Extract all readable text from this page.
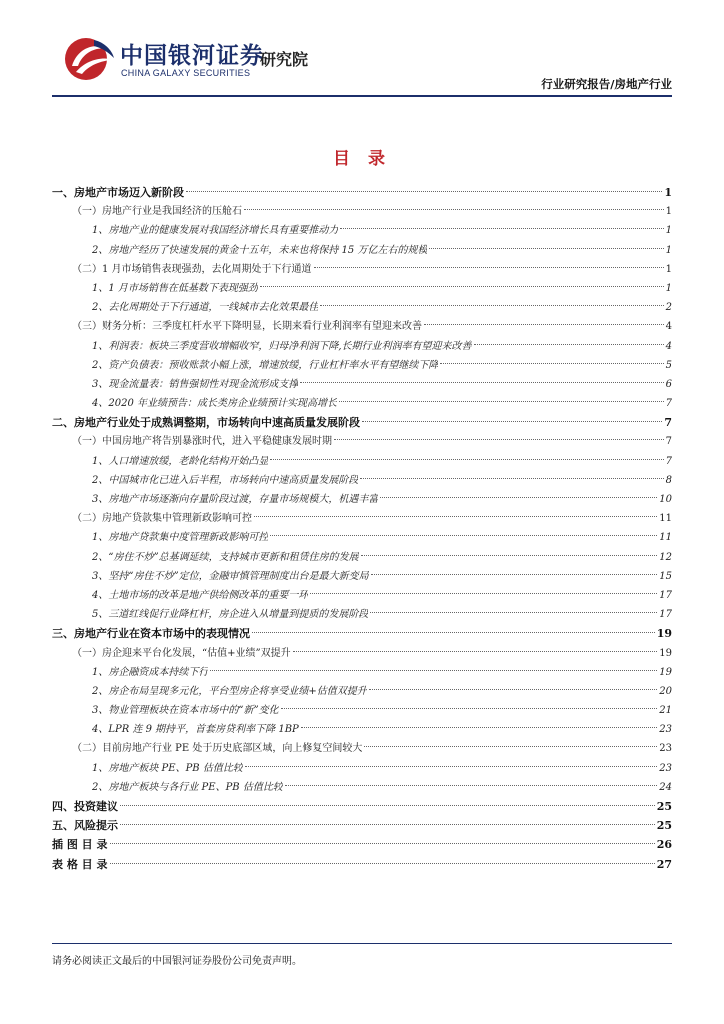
中国银河证券
CHINA GALAXY SECURITIES
研究院
行业研究报告/房地产行业
目 录
一、房地产市场迈入新阶段	1
（一）房地产行业是我国经济的压舱石	1
1、房地产业的健康发展对我国经济增长具有重要推动力	1
2、房地产经历了快速发展的黄金十五年，未来也将保持 15 万亿左右的规模	1
（二）1 月市场销售表现强劲，去化周期处于下行通道	1
1、1 月市场销售在低基数下表现强劲	1
2、去化周期处于下行通道，一线城市去化效果最佳	2
（三）财务分析：三季度杠杆水平下降明显，长期来看行业利润率有望迎来改善	4
1、利润表：板块三季度营收增幅收窄，归母净利润下降,长期行业利润率有望迎来改善	4
2、资产负债表：预收账款小幅上涨，增速放缓，行业杠杆率水平有望继续下降	5
3、现金流量表：销售强韧性对现金流形成支撑	6
4、2020 年业绩预告：成长类房企业绩预计实现高增长	7
二、房地产行业处于成熟调整期，市场转向中速高质量发展阶段	7
（一）中国房地产将告别暴涨时代，进入平稳健康发展时期	7
1、人口增速放缓，老龄化结构开始凸显	7
2、中国城市化已进入后半程，市场转向中速高质量发展阶段	8
3、房地产市场逐渐向存量阶段过渡，存量市场规模大，机遇丰富	10
（二）房地产贷款集中管理新政影响可控	11
1、房地产贷款集中度管理新政影响可控	11
2、“房住不炒”总基调延续，支持城市更新和租赁住房的发展	12
3、坚持“房住不炒”定位，金融审慎管理制度出台是最大新变局	15
4、土地市场的改革是地产供给侧改革的重要一环	17
5、三道红线促行业降杠杆，房企进入从增量到提质的发展阶段	17
三、房地产行业在资本市场中的表现情况	19
（一）房企迎来平台化发展，“估值+业绩”双提升	19
1、房企融资成本持续下行	19
2、房企布局呈现多元化，平台型房企将享受业绩+估值双提升	20
3、物业管理板块在资本市场中的“新”变化	21
4、LPR 连 9 期持平，首套房贷利率下降 1BP	23
（二）目前房地产行业 PE 处于历史底部区域，向上修复空间较大	23
1、房地产板块 PE、PB 估值比较	23
2、房地产板块与各行业 PE、PB 估值比较	24
四、投资建议	25
五、风险提示	25
插 图 目 录	26
表 格 目 录	27
请务必阅读正文最后的中国银河证券股份公司免责声明。
